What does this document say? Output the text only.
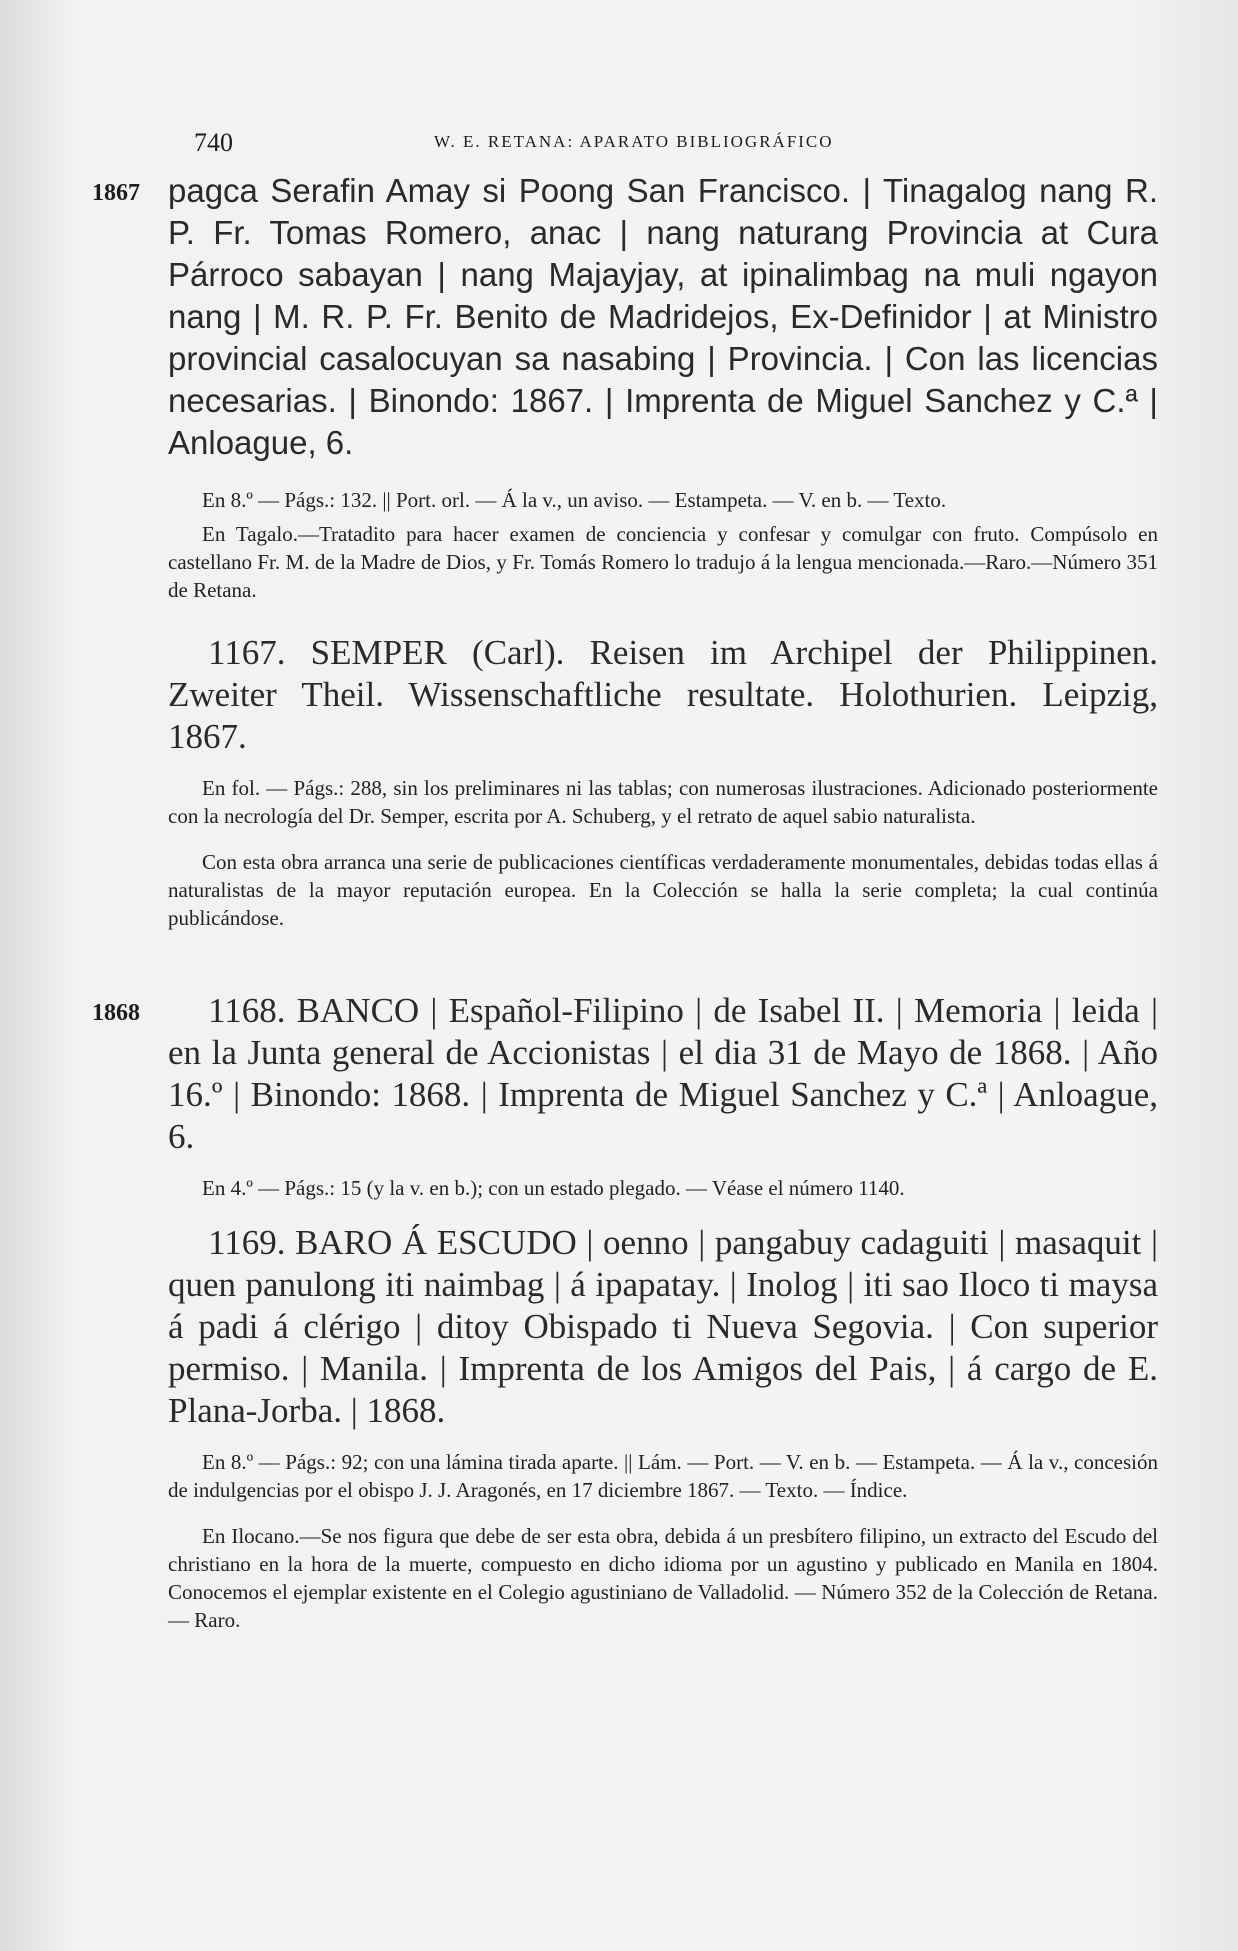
740	W. E. RETANA: APARATO BIBLIOGRÁFICO
1867 pagca Serafin Amay si Poong San Francisco. | Tinagalog nang R. P. Fr. Tomas Romero, anac | nang naturang Provincia at Cura Párroco sabayan | nang Majayjay, at ipinalimbag na muli ngayon nang | M. R. P. Fr. Benito de Madridejos, Ex-Definidor | at Ministro provincial casalocuyan sa nasabing | Provincia. | Con las licencias necesarias. | Binondo: 1867. | Imprenta de Miguel Sanchez y C.ª | Anloague, 6.

En 8.º — Págs.: 132. || Port. orl. — Á la v., un aviso. — Estampeta. — V. en b. — Texto.

En Tagalo.—Tratadito para hacer examen de conciencia y confesar y comulgar con fruto. Compúsolo en castellano Fr. M. de la Madre de Dios, y Fr. Tomás Romero lo tradujo á la lengua mencionada.—Raro.—Número 351 de Retana.

1167. SEMPER (Carl). Reisen im Archipel der Philippinen. Zweiter Theil. Wissenschaftliche resultate. Holothurien. Leipzig, 1867.

En fol. — Págs.: 288, sin los preliminares ni las tablas; con numerosas ilustraciones. Adicionado posteriormente con la necrología del Dr. Semper, escrita por A. Schuberg, y el retrato de aquel sabio naturalista.

Con esta obra arranca una serie de publicaciones científicas verdaderamente monumentales, debidas todas ellas á naturalistas de la mayor reputación europea. En la Colección se halla la serie completa; la cual continúa publicándose.

1868	1168. BANCO | Español-Filipino | de Isabel II. | Memoria | leida | en la Junta general de Accionistas | el dia 31 de Mayo de 1868. | Año 16.º | Binondo: 1868. | Imprenta de Miguel Sanchez y C.ª | Anloague, 6.

En 4.º — Págs.: 15 (y la v. en b.); con un estado plegado. — Véase el número 1140.

1169. BARO Á ESCUDO | oenno | pangabuy cadaguiti | masaquit | quen panulong iti naimbag | á ipapatay. | Inolog | iti sao Iloco ti maysa á padi á clérigo | ditoy Obispado ti Nueva Segovia. | Con superior permiso. | Manila. | Imprenta de los Amigos del Pais, | á cargo de E. Plana-Jorba. | 1868.

En 8.º — Págs.: 92; con una lámina tirada aparte. || Lám. — Port. — V. en b. — Estampeta. — Á la v., concesión de indulgencias por el obispo J. J. Aragonés, en 17 diciembre 1867. — Texto. — Índice.

En Ilocano.—Se nos figura que debe de ser esta obra, debida á un presbítero filipino, un extracto del Escudo del christiano en la hora de la muerte, compuesto en dicho idioma por un agustino y publicado en Manila en 1804. Conocemos el ejemplar existente en el Colegio agustiniano de Valladolid. — Número 352 de la Colección de Retana. — Raro.
